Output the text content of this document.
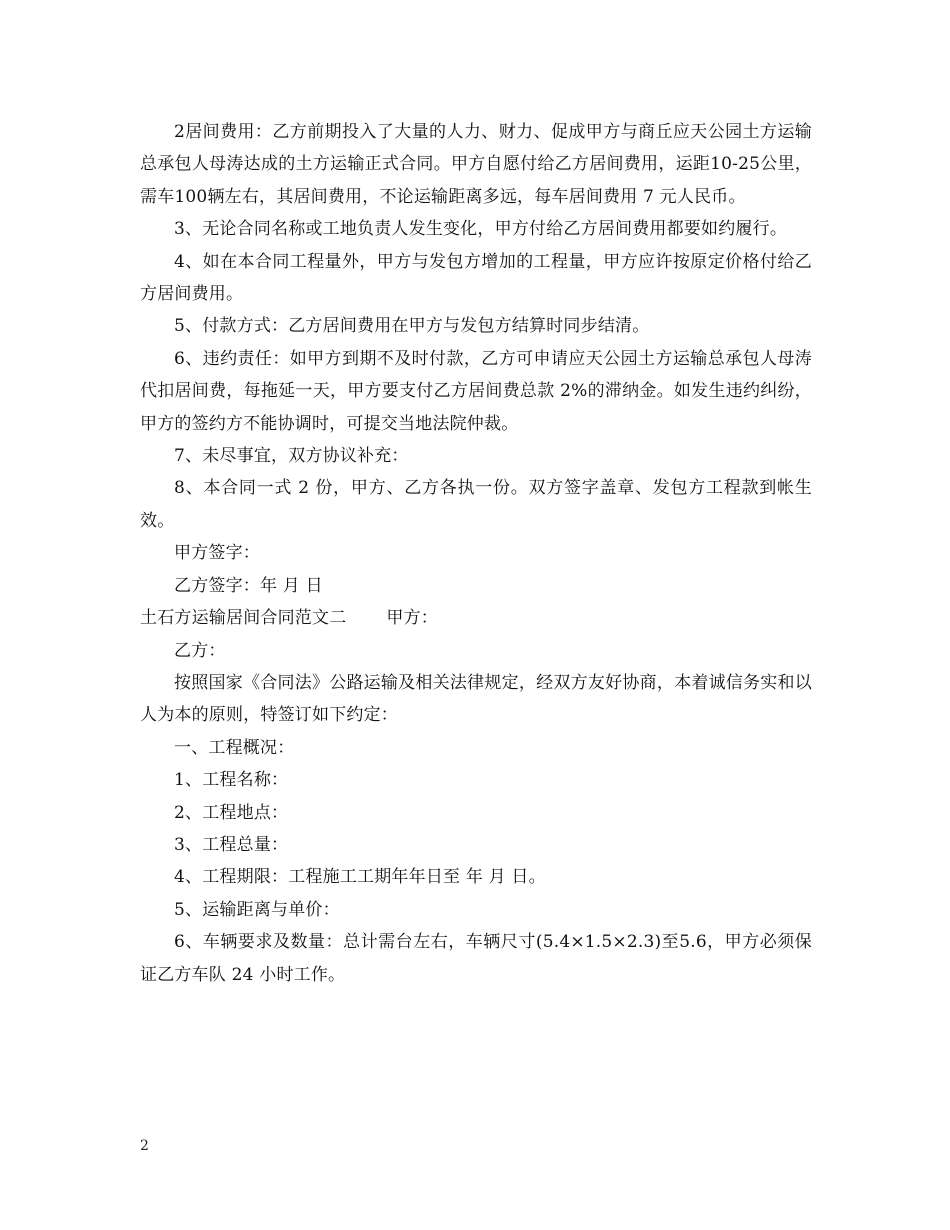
2居间费用：乙方前期投入了大量的人力、财力、促成甲方与商丘应天公园土方运输总承包人母涛达成的土方运输正式合同。甲方自愿付给乙方居间费用，运距10-25公里，需车100辆左右，其居间费用，不论运输距离多远，每车居间费用 7 元人民币。

3、无论合同名称或工地负责人发生变化，甲方付给乙方居间费用都要如约履行。

4、如在本合同工程量外，甲方与发包方增加的工程量，甲方应许按原定价格付给乙方居间费用。

5、付款方式：乙方居间费用在甲方与发包方结算时同步结清。

6、违约责任：如甲方到期不及时付款，乙方可申请应天公园土方运输总承包人母涛代扣居间费，每拖延一天，甲方要支付乙方居间费总款 2%的滞纳金。如发生违约纠纷，甲方的签约方不能协调时，可提交当地法院仲裁。

7、未尽事宜，双方协议补充：

8、本合同一式 2 份，甲方、乙方各执一份。双方签字盖章、发包方工程款到帐生效。

甲方签字：

乙方签字：年 月 日

土石方运输居间合同范文二 甲方：

乙方：

按照国家《合同法》公路运输及相关法律规定，经双方友好协商，本着诚信务实和以人为本的原则，特签订如下约定：

一、工程概况：

1、工程名称：

2、工程地点：

3、工程总量：

4、工程期限：工程施工工期年年日至 年 月 日。

5、运输距离与单价：

6、车辆要求及数量：总计需台左右，车辆尺寸(5.4×1.5×2.3)至5.6，甲方必须保证乙方车队 24 小时工作。

2
